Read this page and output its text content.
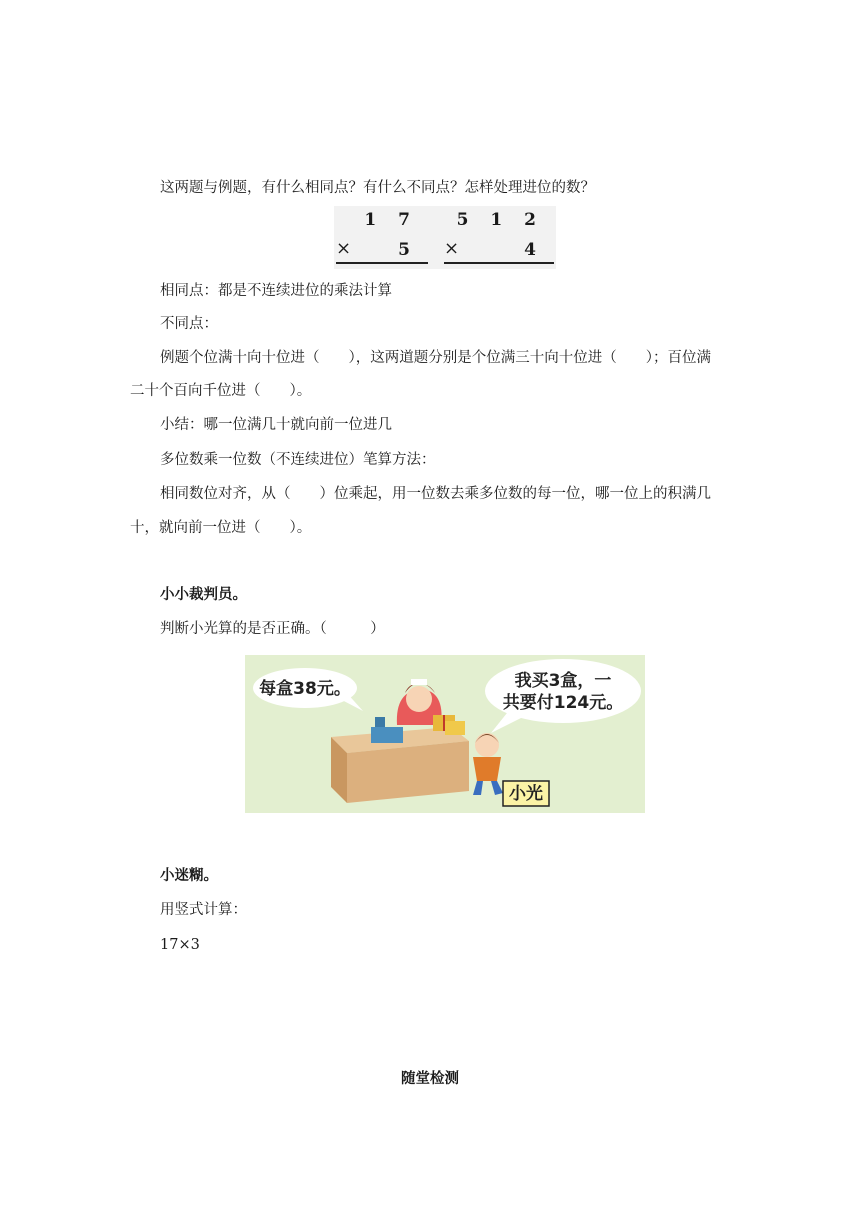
这两题与例题，有什么相同点？有什么不同点？怎样处理进位的数？
1 7
×	5
5 1 2
×	4
相同点：都是不连续进位的乘法计算
不同点：
例题个位满十向十位进（　　），这两道题分别是个位满三十向十位进（　　）；百位满
二十个百向千位进（　　）。
小结：哪一位满几十就向前一位进几
多位数乘一位数（不连续进位）笔算方法：
相同数位对齐，从（　　）位乘起，用一位数去乘多位数的每一位，哪一位上的积满几
十，就向前一位进（　　）。
小小裁判员。
判断小光算的是否正确。（　　　）
每盒38元。	我买3盒，一
共要付124元。
小光
小迷糊。
用竖式计算：
17×3
随堂检测
